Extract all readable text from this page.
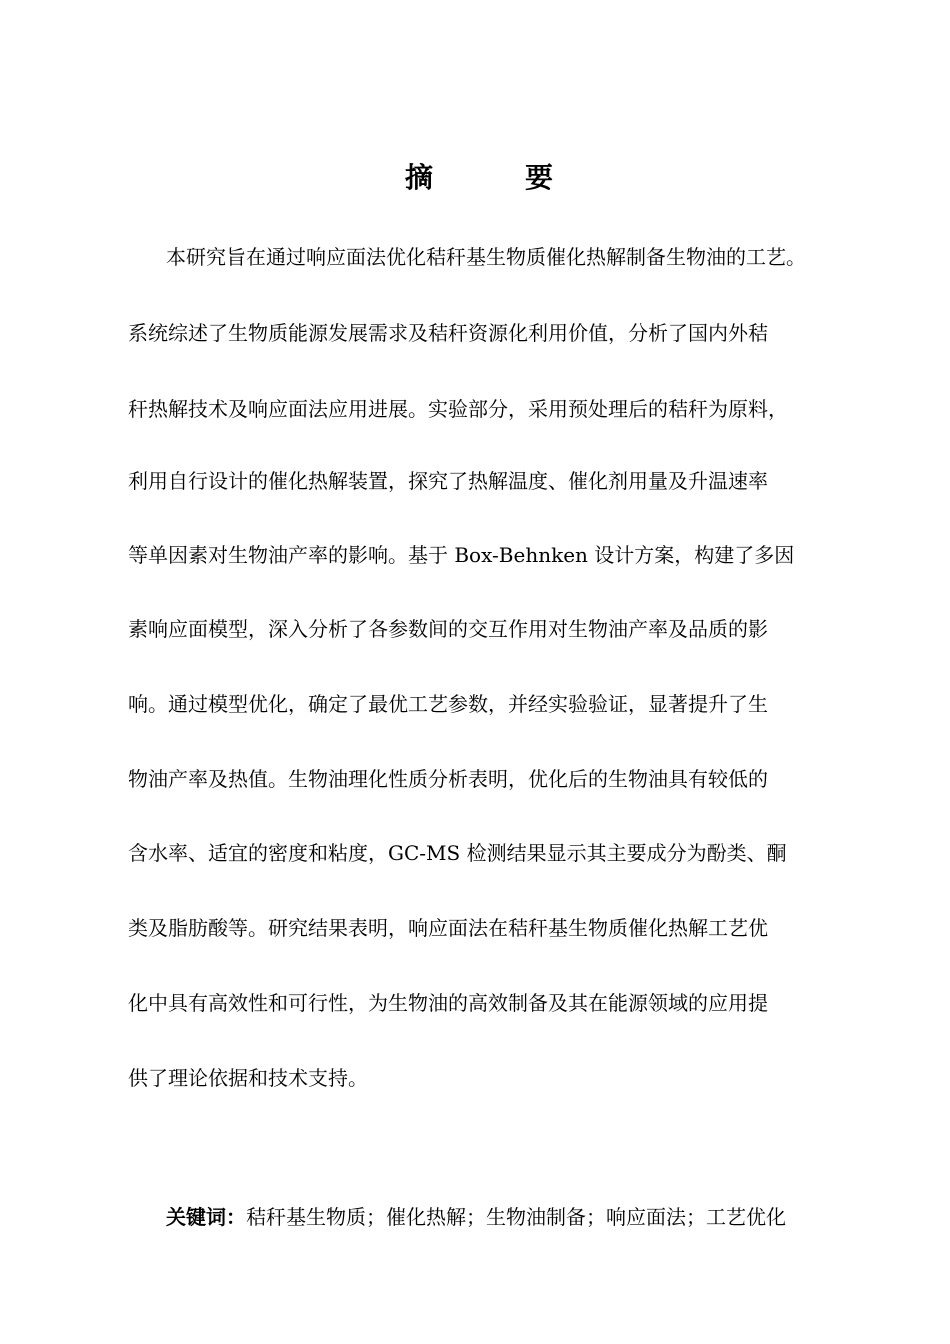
摘　要
本研究旨在通过响应面法优化秸秆基生物质催化热解制备生物油的工艺。
系统综述了生物质能源发展需求及秸秆资源化利用价值，分析了国内外秸
秆热解技术及响应面法应用进展。实验部分，采用预处理后的秸秆为原料，
利用自行设计的催化热解装置，探究了热解温度、催化剂用量及升温速率
等单因素对生物油产率的影响。基于 Box-Behnken 设计方案，构建了多因
素响应面模型，深入分析了各参数间的交互作用对生物油产率及品质的影
响。通过模型优化，确定了最优工艺参数，并经实验验证，显著提升了生
物油产率及热值。生物油理化性质分析表明，优化后的生物油具有较低的
含水率、适宜的密度和粘度，GC-MS 检测结果显示其主要成分为酚类、酮
类及脂肪酸等。研究结果表明，响应面法在秸秆基生物质催化热解工艺优
化中具有高效性和可行性，为生物油的高效制备及其在能源领域的应用提
供了理论依据和技术支持。
关键词：秸秆基生物质；催化热解；生物油制备；响应面法；工艺优化
